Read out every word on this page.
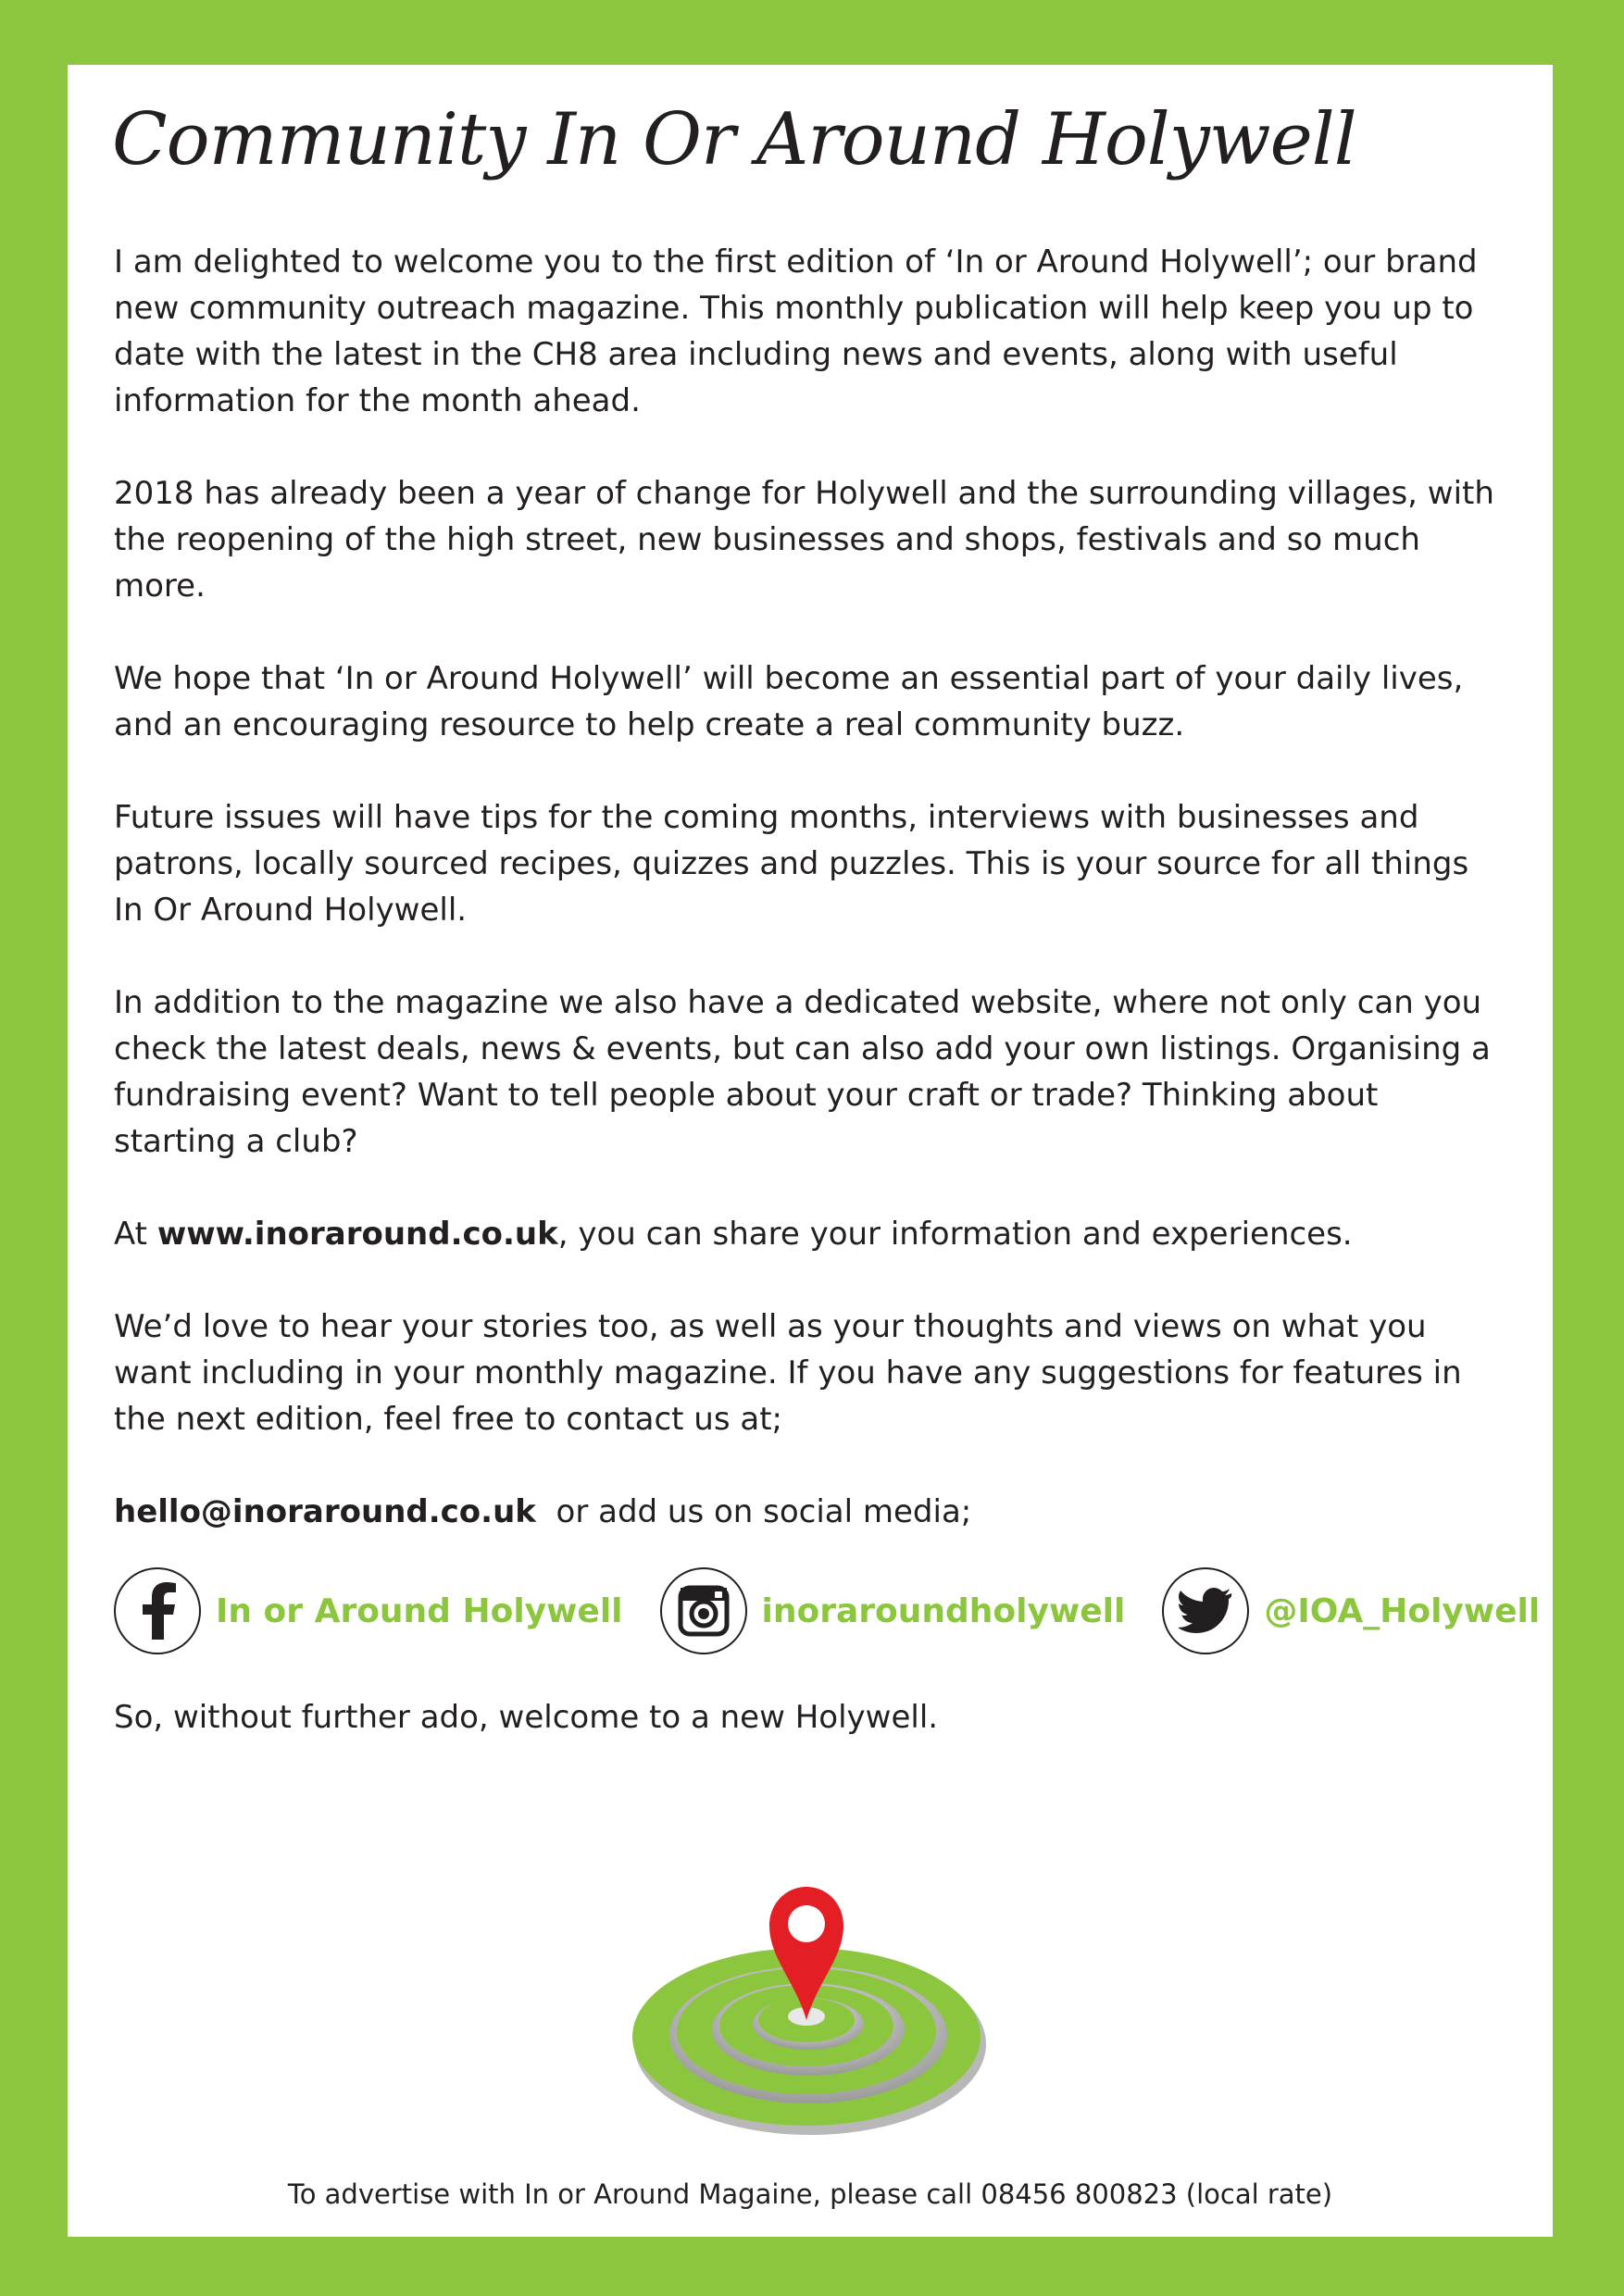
Community In Or Around Holywell

I am delighted to welcome you to the first edition of ‘In or Around Holywell’; our brand new community outreach magazine. This monthly publication will help keep you up to date with the latest in the CH8 area including news and events, along with useful information for the month ahead.

2018 has already been a year of change for Holywell and the surrounding villages, with the reopening of the high street, new businesses and shops, festivals and so much more.

We hope that ‘In or Around Holywell’ will become an essential part of your daily lives, and an encouraging resource to help create a real community buzz.

Future issues will have tips for the coming months, interviews with businesses and patrons, locally sourced recipes, quizzes and puzzles. This is your source for all things In Or Around Holywell.

In addition to the magazine we also have a dedicated website, where not only can you check the latest deals, news & events, but can also add your own listings. Organising a fundraising event? Want to tell people about your craft or trade? Thinking about starting a club?

At www.inoraround.co.uk, you can share your information and experiences.

We’d love to hear your stories too, as well as your thoughts and views on what you want including in your monthly magazine. If you have any suggestions for features in the next edition, feel free to contact us at;

hello@inoraround.co.uk  or add us on social media;

In or Around Holywell	inoraroundholywell	@IOA_Holywell

So, without further ado, welcome to a new Holywell.

To advertise with In or Around Magaine, please call 08456 800823 (local rate)
